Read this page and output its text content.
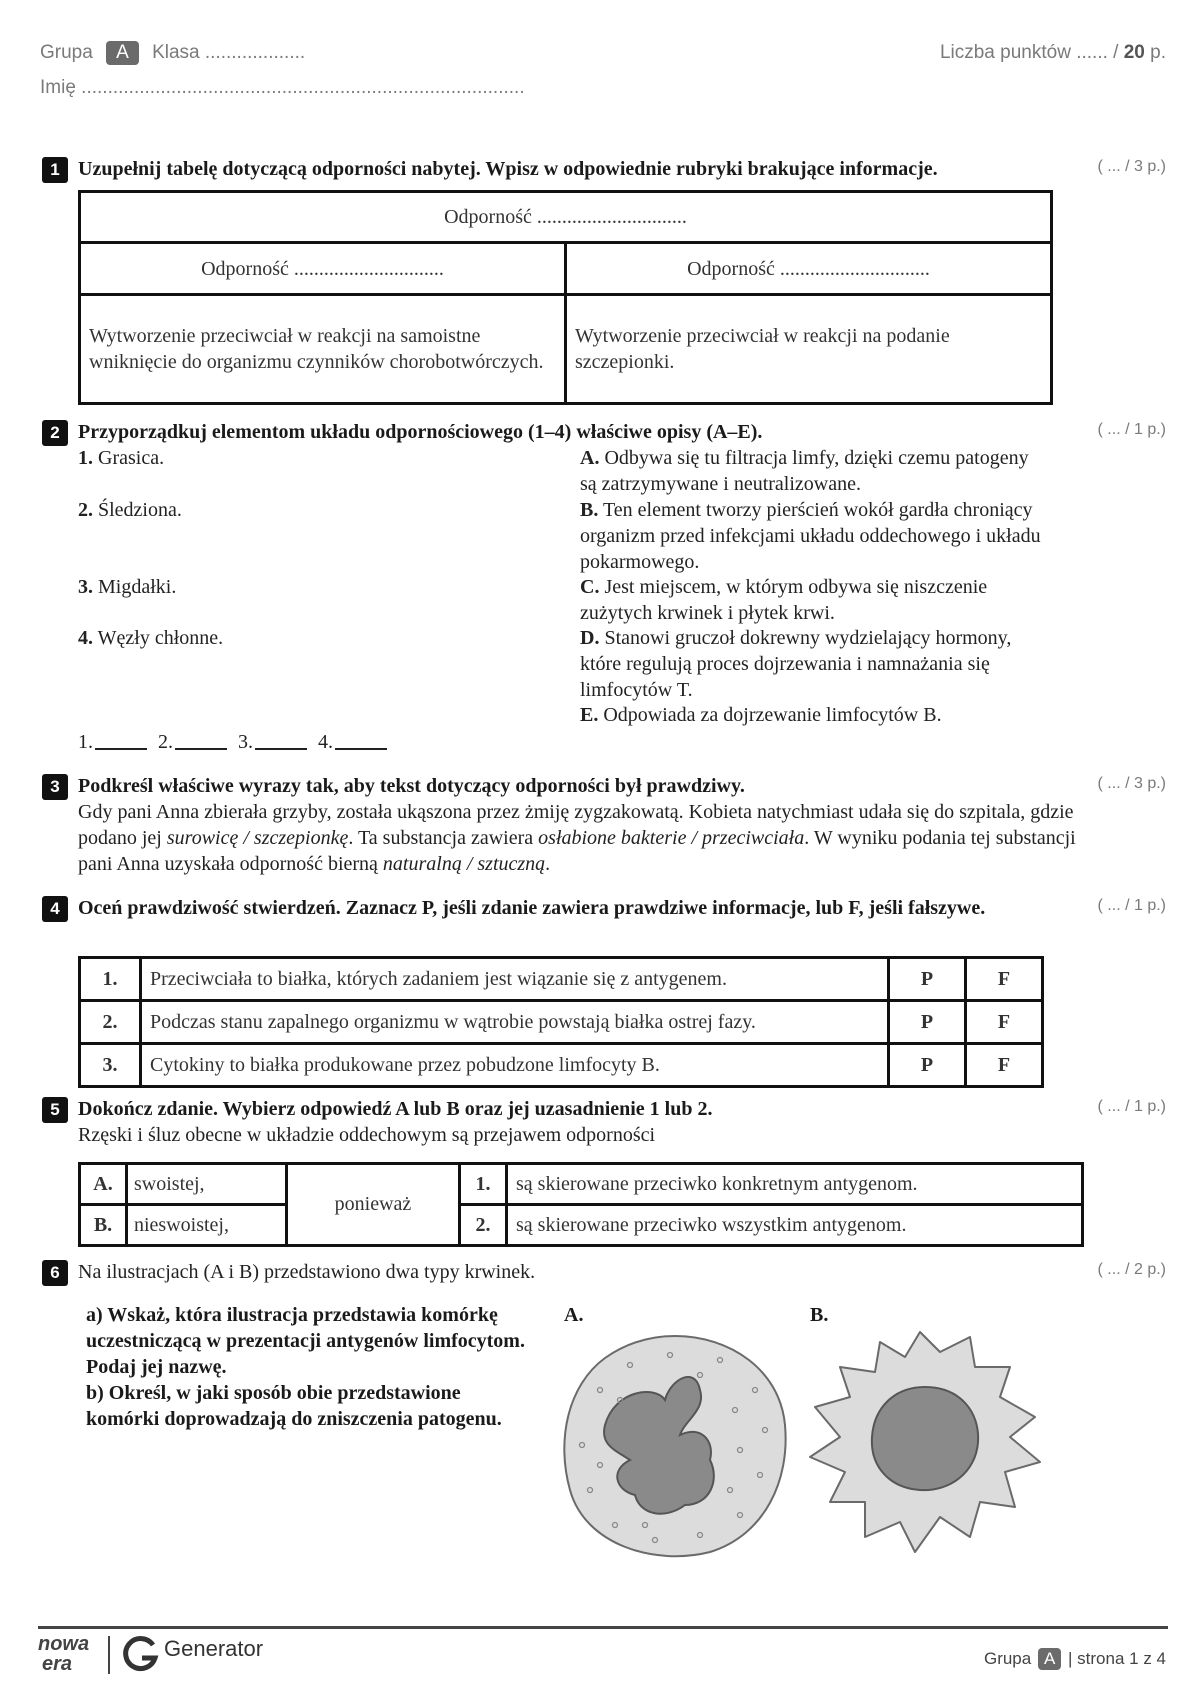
Grupa A Klasa ...................
Imię ....................................................................................
Liczba punktów ...... / 20 p.
1 Uzupełnij tabelę dotyczącą odporności nabytej. Wpisz w odpowiednie rubryki brakujące informacje.	( ... / 3 p.)
Odporność ..............................	
Odporność ..............................	Odporność ..............................
Wytworzenie przeciwciał w reakcji na samoistne wniknięcie do organizmu czynników chorobotwórczych.	Wytworzenie przeciwciał w reakcji na podanie szczepionki.
2 Przyporządkuj elementom układu odpornościowego (1–4) właściwe opisy (A–E).	( ... / 1 p.)
1. Grasica.
2. Śledziona.
3. Migdałki.
4. Węzły chłonne.
A. Odbywa się tu filtracja limfy, dzięki czemu patogeny są zatrzymywane i neutralizowane.
B. Ten element tworzy pierścień wokół gardła chroniący organizm przed infekcjami układu oddechowego i układu pokarmowego.
C. Jest miejscem, w którym odbywa się niszczenie zużytych krwinek i płytek krwi.
D. Stanowi gruczoł dokrewny wydzielający hormony, które regulują proces dojrzewania i namnażania się limfocytów T.
E. Odpowiada za dojrzewanie limfocytów B.
1.	2.	3.	4.
3 Podkreśl właściwe wyrazy tak, aby tekst dotyczący odporności był prawdziwy.	( ... / 3 p.)
Gdy pani Anna zbierała grzyby, została ukąszona przez żmiję zygzakowatą. Kobieta natychmiast udała się do szpitala, gdzie podano jej surowicę / szczepionkę. Ta substancja zawiera osłabione bakterie / przeciwciała. W wyniku podania tej substancji pani Anna uzyskała odporność bierną naturalną / sztuczną.
4 Oceń prawdziwość stwierdzeń. Zaznacz P, jeśli zdanie zawiera prawdziwe informacje, lub F, jeśli fałszywe.	( ... / 1 p.)
1.	Przeciwciała to białka, których zadaniem jest wiązanie się z antygenem.	P	F
2.	Podczas stanu zapalnego organizmu w wątrobie powstają białka ostrej fazy.	P	F
3.	Cytokiny to białka produkowane przez pobudzone limfocyty B.	P	F
5 Dokończ zdanie. Wybierz odpowiedź A lub B oraz jej uzasadnienie 1 lub 2.	( ... / 1 p.)
Rzęski i śluz obecne w układzie oddechowym są przejawem odporności
A.	swoistej,	ponieważ	1.	są skierowane przeciwko konkretnym antygenom.
B.	nieswoistej,		2.	są skierowane przeciwko wszystkim antygenom.
6 Na ilustracjach (A i B) przedstawiono dwa typy krwinek.	( ... / 2 p.)
a) Wskaż, która ilustracja przedstawia komórkę uczestniczącą w prezentacji antygenów limfocytom. Podaj jej nazwę.
b) Określ, w jaki sposób obie przedstawione komórki doprowadzają do zniszczenia patogenu.
A.	B.
nowa
era
Generator	Grupa A | strona 1 z 4
